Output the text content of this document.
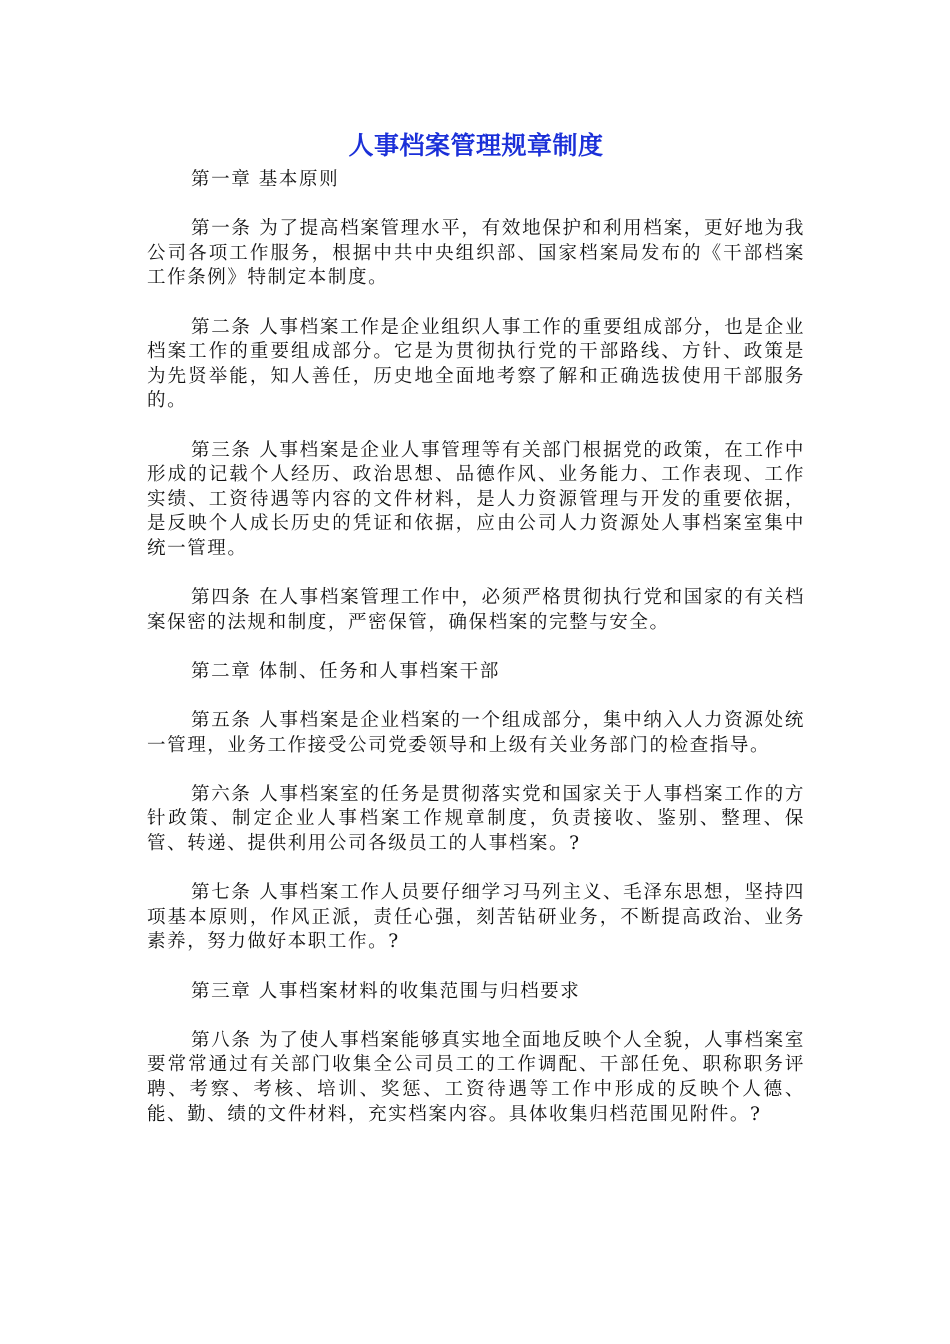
人事档案管理规章制度

第一章 基本原则

第一条 为了提高档案管理水平，有效地保护和利用档案，更好地为我公司各项工作服务，根据中共中央组织部、国家档案局发布的《干部档案工作条例》特制定本制度。

第二条 人事档案工作是企业组织人事工作的重要组成部分，也是企业档案工作的重要组成部分。它是为贯彻执行党的干部路线、方针、政策是为先贤举能，知人善任，历史地全面地考察了解和正确选拔使用干部服务的。

第三条 人事档案是企业人事管理等有关部门根据党的政策，在工作中形成的记载个人经历、政治思想、品德作风、业务能力、工作表现、工作实绩、工资待遇等内容的文件材料，是人力资源管理与开发的重要依据，是反映个人成长历史的凭证和依据，应由公司人力资源处人事档案室集中统一管理。

第四条 在人事档案管理工作中，必须严格贯彻执行党和国家的有关档案保密的法规和制度，严密保管，确保档案的完整与安全。

第二章 体制、任务和人事档案干部

第五条 人事档案是企业档案的一个组成部分，集中纳入人力资源处统一管理，业务工作接受公司党委领导和上级有关业务部门的检查指导。

第六条 人事档案室的任务是贯彻落实党和国家关于人事档案工作的方针政策、制定企业人事档案工作规章制度，负责接收、鉴别、整理、保管、转递、提供利用公司各级员工的人事档案。?

第七条 人事档案工作人员要仔细学习马列主义、毛泽东思想，坚持四项基本原则，作风正派，责任心强，刻苦钻研业务，不断提高政治、业务素养，努力做好本职工作。?

第三章 人事档案材料的收集范围与归档要求

第八条 为了使人事档案能够真实地全面地反映个人全貌，人事档案室要常常通过有关部门收集全公司员工的工作调配、干部任免、职称职务评聘、考察、考核、培训、奖惩、工资待遇等工作中形成的反映个人德、能、勤、绩的文件材料，充实档案内容。具体收集归档范围见附件。?
